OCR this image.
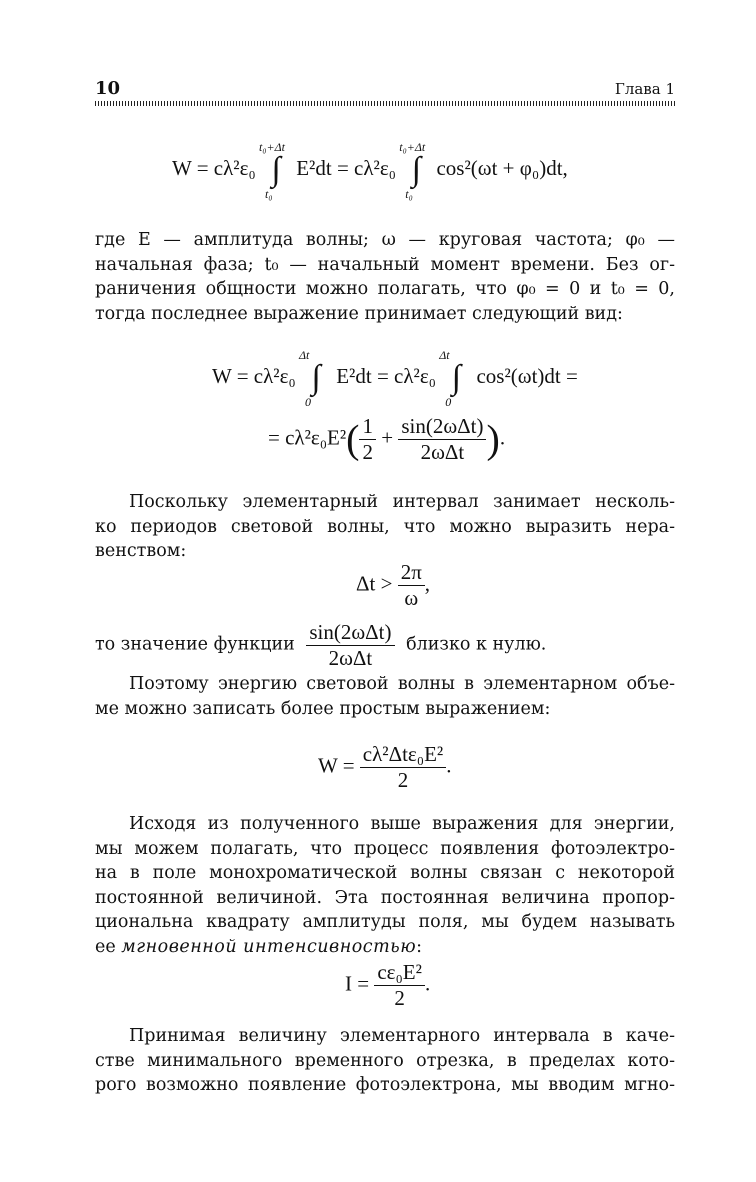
10	Глава 1
W = cλ²ε₀
t₀+Δt
∫
t₀
E²dt = cλ²ε₀
t₀+Δt
∫
t₀
cos²(ωt + φ₀)dt,

где E — амплитуда волны; ω — круговая частота; φ₀ —
начальная фаза; t₀ — начальный момент времени. Без ог-
раничения общности можно полагать, что φ₀ = 0 и t₀ = 0,
тогда последнее выражение принимает следующий вид:

W = cλ²ε₀
Δt
∫
0
E²dt = cλ²ε₀
Δt
∫
0
cos²(ωt)dt =
= $c\lambda^2\varepsilon_0E^2( \frac{1}{2} + \frac{\text{sin(2ωΔt)}}{\text{2ωΔt}}$ ).

Поскольку элементарный интервал занимает несколь-
ко периодов световой волны, что можно выразить нера-
венством:

$\Delta t > \frac{2\pi}{\omega}$ ,
то значение функции $\frac{\text{sin(2ωΔt)}}{\text{2ωΔt}}$ близко к нулю.

Поэтому энергию световой волны в элементарном объе-
ме можно записать более простым выражением:

$W = \frac{\text{cλ²Δtε₀E²}}{2}$ .

Исходя из полученного выше выражения для энергии,
мы можем полагать, что процесс появления фотоэлектро-
на в поле монохроматической волны связан с некоторой
постоянной величиной. Эта постоянная величина пропор-
циональна квадрату амплитуды поля, мы будем называть
ее мгновенной интенсивностью:

$I = \frac{\text{cε₀E²}}{2}$ .

Принимая величину элементарного интервала в каче-
стве минимального временного отрезка, в пределах кото-
рого возможно появление фотоэлектрона, мы вводим мгно-
